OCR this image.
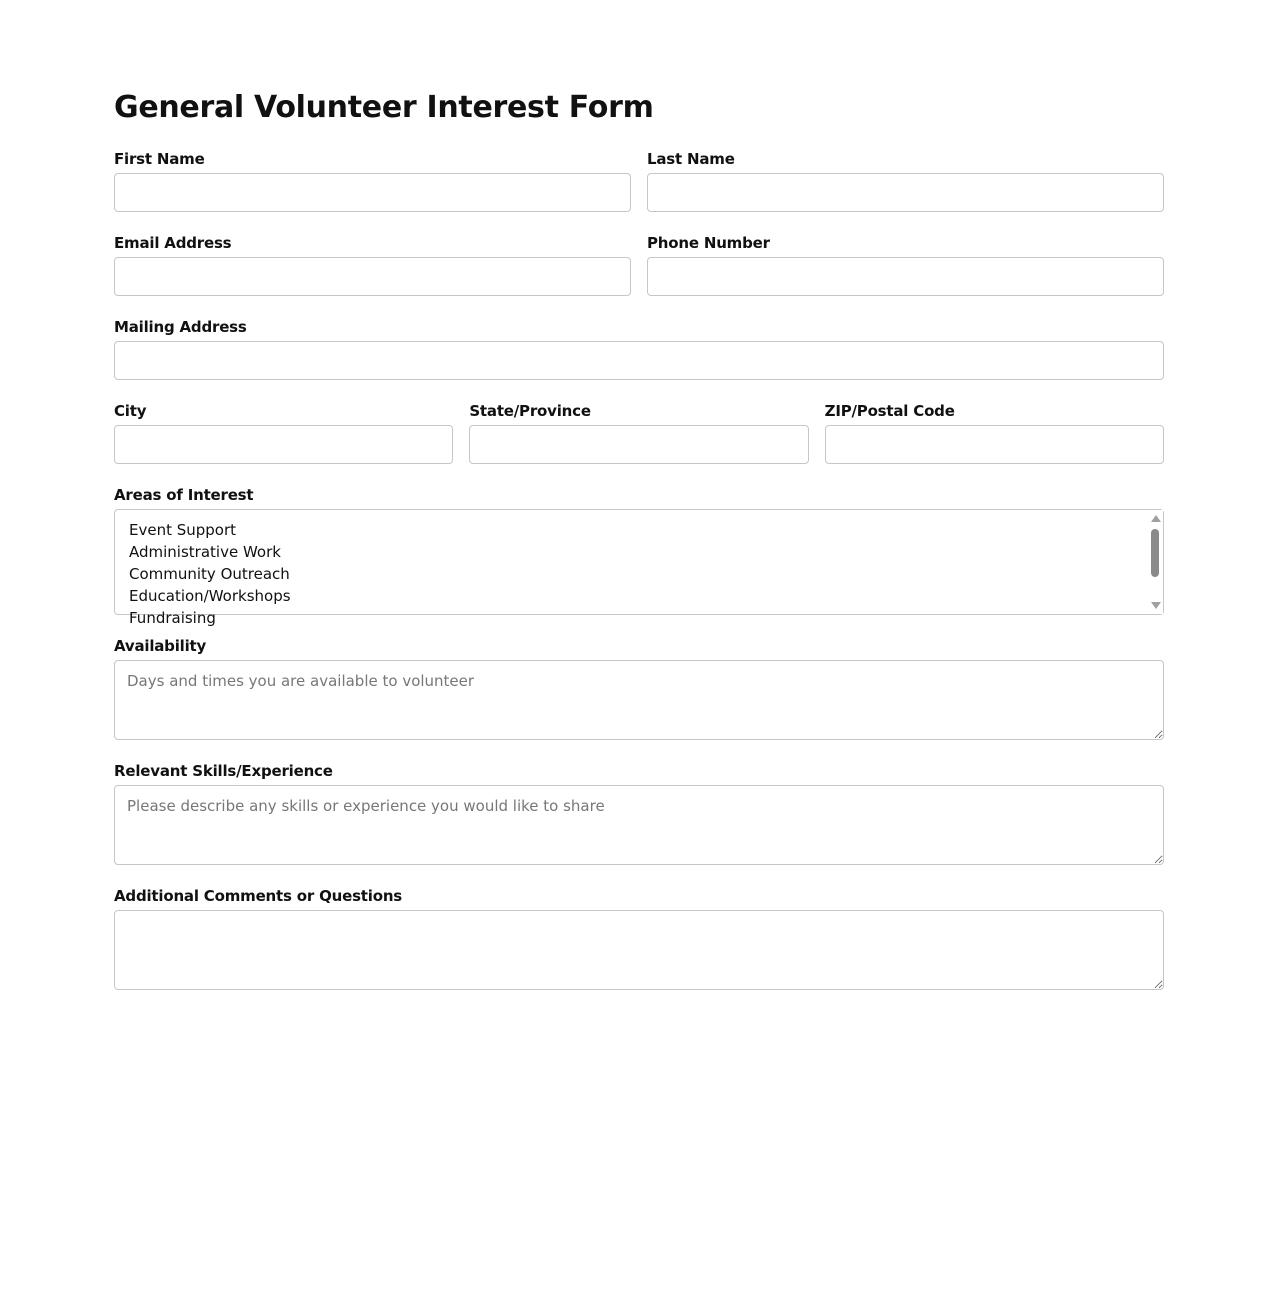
General Volunteer Interest Form
First Name	Last Name
Email Address	Phone Number
Mailing Address
City	State/Province	ZIP/Postal Code
Areas of Interest
Event Support
Administrative Work
Community Outreach
Education/Workshops
Fundraising
Availability
Days and times you are available to volunteer
Relevant Skills/Experience
Please describe any skills or experience you would like to share
Additional Comments or Questions
